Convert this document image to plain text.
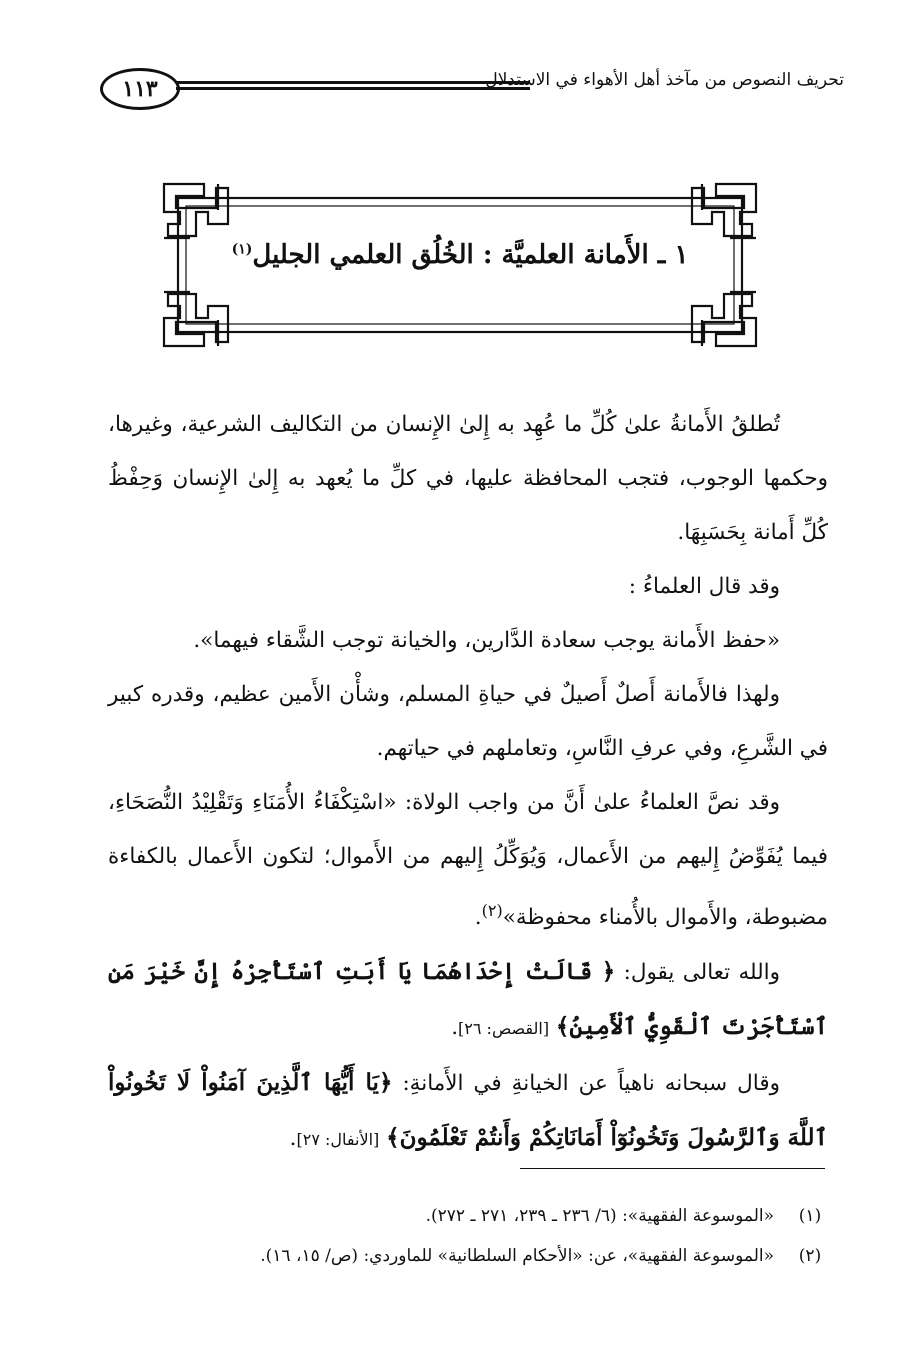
١١٣	تحريف النصوص من مآخذ أهل الأهواء في الاستدلال
١ ـ الأَمانة العلميَّة : الخُلُق العلمي الجليل$^{(١)}$

تُطلقُ الأَمانةُ علىٰ كُلِّ ما عُهِد به إِلىٰ الإِنسان من التكاليف الشرعية، وغيرها، وحكمها الوجوب، فتجب المحافظة عليها، في كلِّ ما يُعهد به إِلىٰ الإِنسان وَحِفْظُ كُلِّ أَمانة بِحَسَبِهَا.

وقد قال العلماءُ :

«حفظ الأَمانة يوجب سعادة الدَّارين، والخيانة توجب الشَّقاء فيهما».

ولهذا فالأَمانة أَصلٌ أَصيلٌ في حياةِ المسلم، وشأْن الأَمين عظيم، وقدره كبير في الشَّرعِ، وفي عرفِ النَّاسِ، وتعاملهم في حياتهم.

وقد نصَّ العلماءُ علىٰ أَنَّ من واجب الولاة: «اسْتِكْفَاءُ الأُمَنَاءِ وَتَقْلِيْدُ النُّصَحَاءِ، فيما يُفَوِّضُ إِليهم من الأَعمال، وَيُوَكِّلُ إِليهم من الأَموال؛ لتكون الأَعمال بالكفاءة مضبوطة، والأَموال بالأُمناء محفوظة»$^{(٢)}$.

والله تعالى يقول: ﴿ قَالَتْ إِحْدَاهُمَا يَا أَبَتِ ٱسْتَأْجِرْهُ إِنَّ خَيْرَ مَنِ ٱسْتَأْجَرْتَ ٱلْقَوِيُّ ٱلْأَمِينُ﴾ [القصص: ٢٦].

وقال سبحانه ناهياً عن الخيانةِ في الأَمانةِ: ﴿يَا أَيُّهَا ٱلَّذِينَ آمَنُواْ لَا تَخُونُواْ ٱللَّهَ وَٱلرَّسُولَ وَتَخُونُوٓاْ أَمَانَاتِكُمْ وَأَنتُمْ تَعْلَمُونَ﴾ [الأنفال: ٢٧].

(١)
«الموسوعة الفقهية»: (٦/ ٢٣٦ ـ ٢٣٩، ٢٧١ ـ ٢٧٢).
(٢)
«الموسوعة الفقهية»، عن: «الأحكام السلطانية» للماوردي: (ص/ ١٥، ١٦).
